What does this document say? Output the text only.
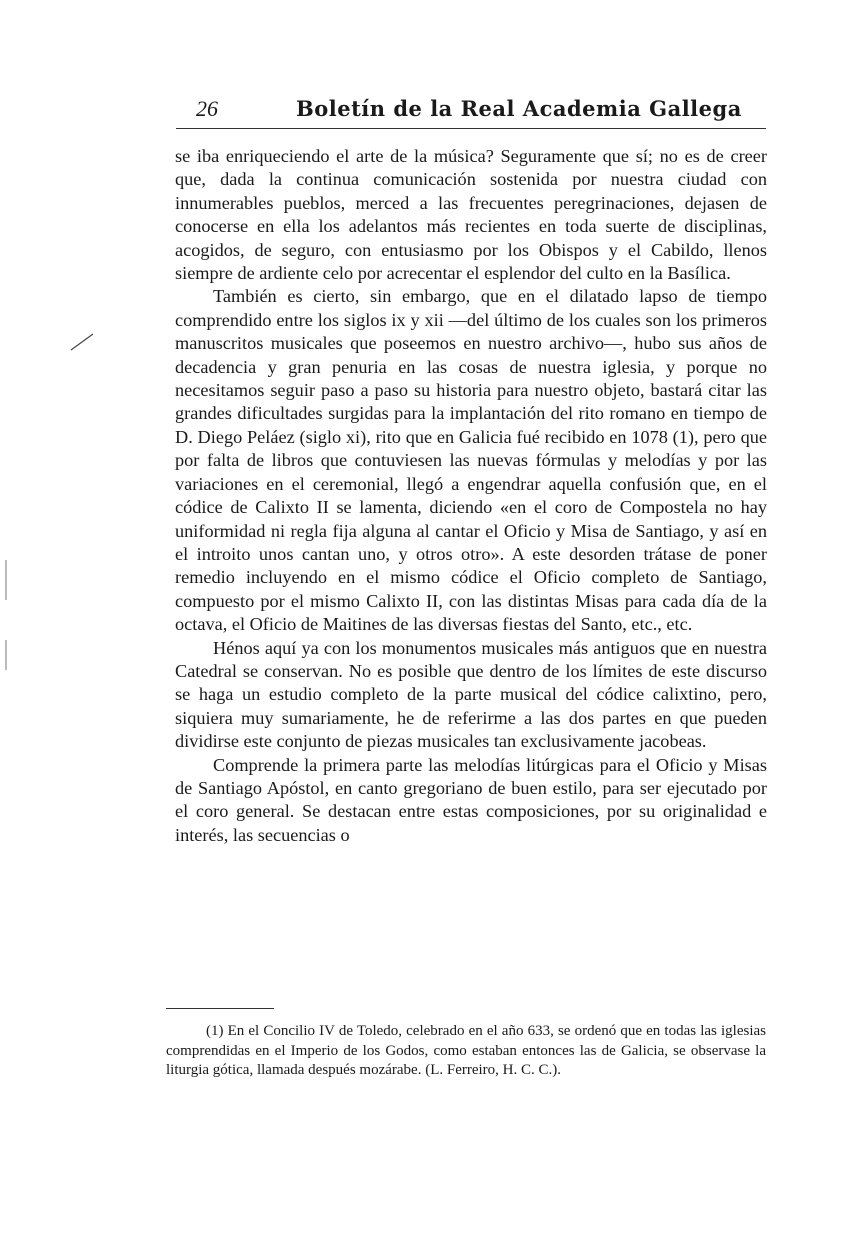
26	Boletín de la Real Academia Gallega

se iba enriqueciendo el arte de la música? Seguramente que sí; no es de creer que, dada la continua comunicación sostenida por nuestra ciudad con innumerables pueblos, merced a las frecuentes peregrinaciones, dejasen de conocerse en ella los adelantos más recientes en toda suerte de disciplinas, acogidos, de seguro, con entusiasmo por los Obispos y el Cabildo, llenos siempre de ardiente celo por acrecentar el esplendor del culto en la Basílica.

También es cierto, sin embargo, que en el dilatado lapso de tiempo comprendido entre los siglos ix y xii —del último de los cuales son los primeros manuscritos musicales que poseemos en nuestro archivo—, hubo sus años de decadencia y gran penuria en las cosas de nuestra iglesia, y porque no necesitamos seguir paso a paso su historia para nuestro objeto, bastará citar las grandes dificultades surgidas para la implantación del rito romano en tiempo de D. Diego Peláez (siglo xi), rito que en Galicia fué recibido en 1078 (1), pero que por falta de libros que contuviesen las nuevas fórmulas y melodías y por las variaciones en el ceremonial, llegó a engendrar aquella confusión que, en el códice de Calixto II se lamenta, diciendo «en el coro de Compostela no hay uniformidad ni regla fija alguna al cantar el Oficio y Misa de Santiago, y así en el introito unos cantan uno, y otros otro». A este desorden trátase de poner remedio incluyendo en el mismo códice el Oficio completo de Santiago, compuesto por el mismo Calixto II, con las distintas Misas para cada día de la octava, el Oficio de Maitines de las diversas fiestas del Santo, etc., etc.

Hénos aquí ya con los monumentos musicales más antiguos que en nuestra Catedral se conservan. No es posible que dentro de los límites de este discurso se haga un estudio completo de la parte musical del códice calixtino, pero, siquiera muy sumariamente, he de referirme a las dos partes en que pueden dividirse este conjunto de piezas musicales tan exclusivamente jacobeas.

Comprende la primera parte las melodías litúrgicas para el Oficio y Misas de Santiago Apóstol, en canto gregoriano de buen estilo, para ser ejecutado por el coro general. Se destacan entre estas composiciones, por su originalidad e interés, las secuencias o

(1) En el Concilio IV de Toledo, celebrado en el año 633, se ordenó que en todas las iglesias comprendidas en el Imperio de los Godos, como estaban entonces las de Galicia, se observase la liturgia gótica, llamada después mozárabe. (L. Ferreiro, H. C. C.).
